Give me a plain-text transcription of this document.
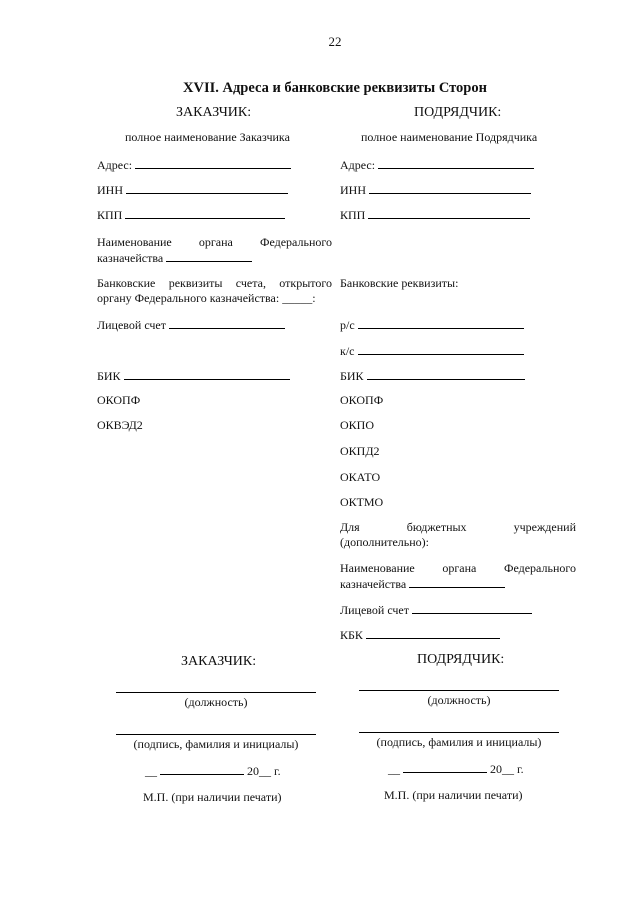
22
XVII. Адреса и банковские реквизиты Сторон
ЗАКАЗЧИК:	ПОДРЯДЧИК:
полное наименование Заказчика	полное наименование Подрядчика
Адрес:
ИНН
КПП
Наименование органа Федерального
казначейства
Банковские реквизиты счета, открытого
органу Федерального казначейства: _____:
Лицевой счет
БИК
ОКОПФ
ОКВЭД2
Адрес:
ИНН
КПП
Банковские реквизиты:
р/с
к/с
БИК
ОКОПФ
ОКПО
ОКПД2
ОКАТО
ОКТМО
Для бюджетных учреждений
(дополнительно):
Наименование органа Федерального
казначейства
Лицевой счет
КБК
ЗАКАЗЧИК:	ПОДРЯДЧИК:
(должность)	(должность)
(подпись, фамилия и инициалы)	(подпись, фамилия и инициалы)
__	20__ г.	__	20__ г.
М.П. (при наличии печати)	М.П. (при наличии печати)
